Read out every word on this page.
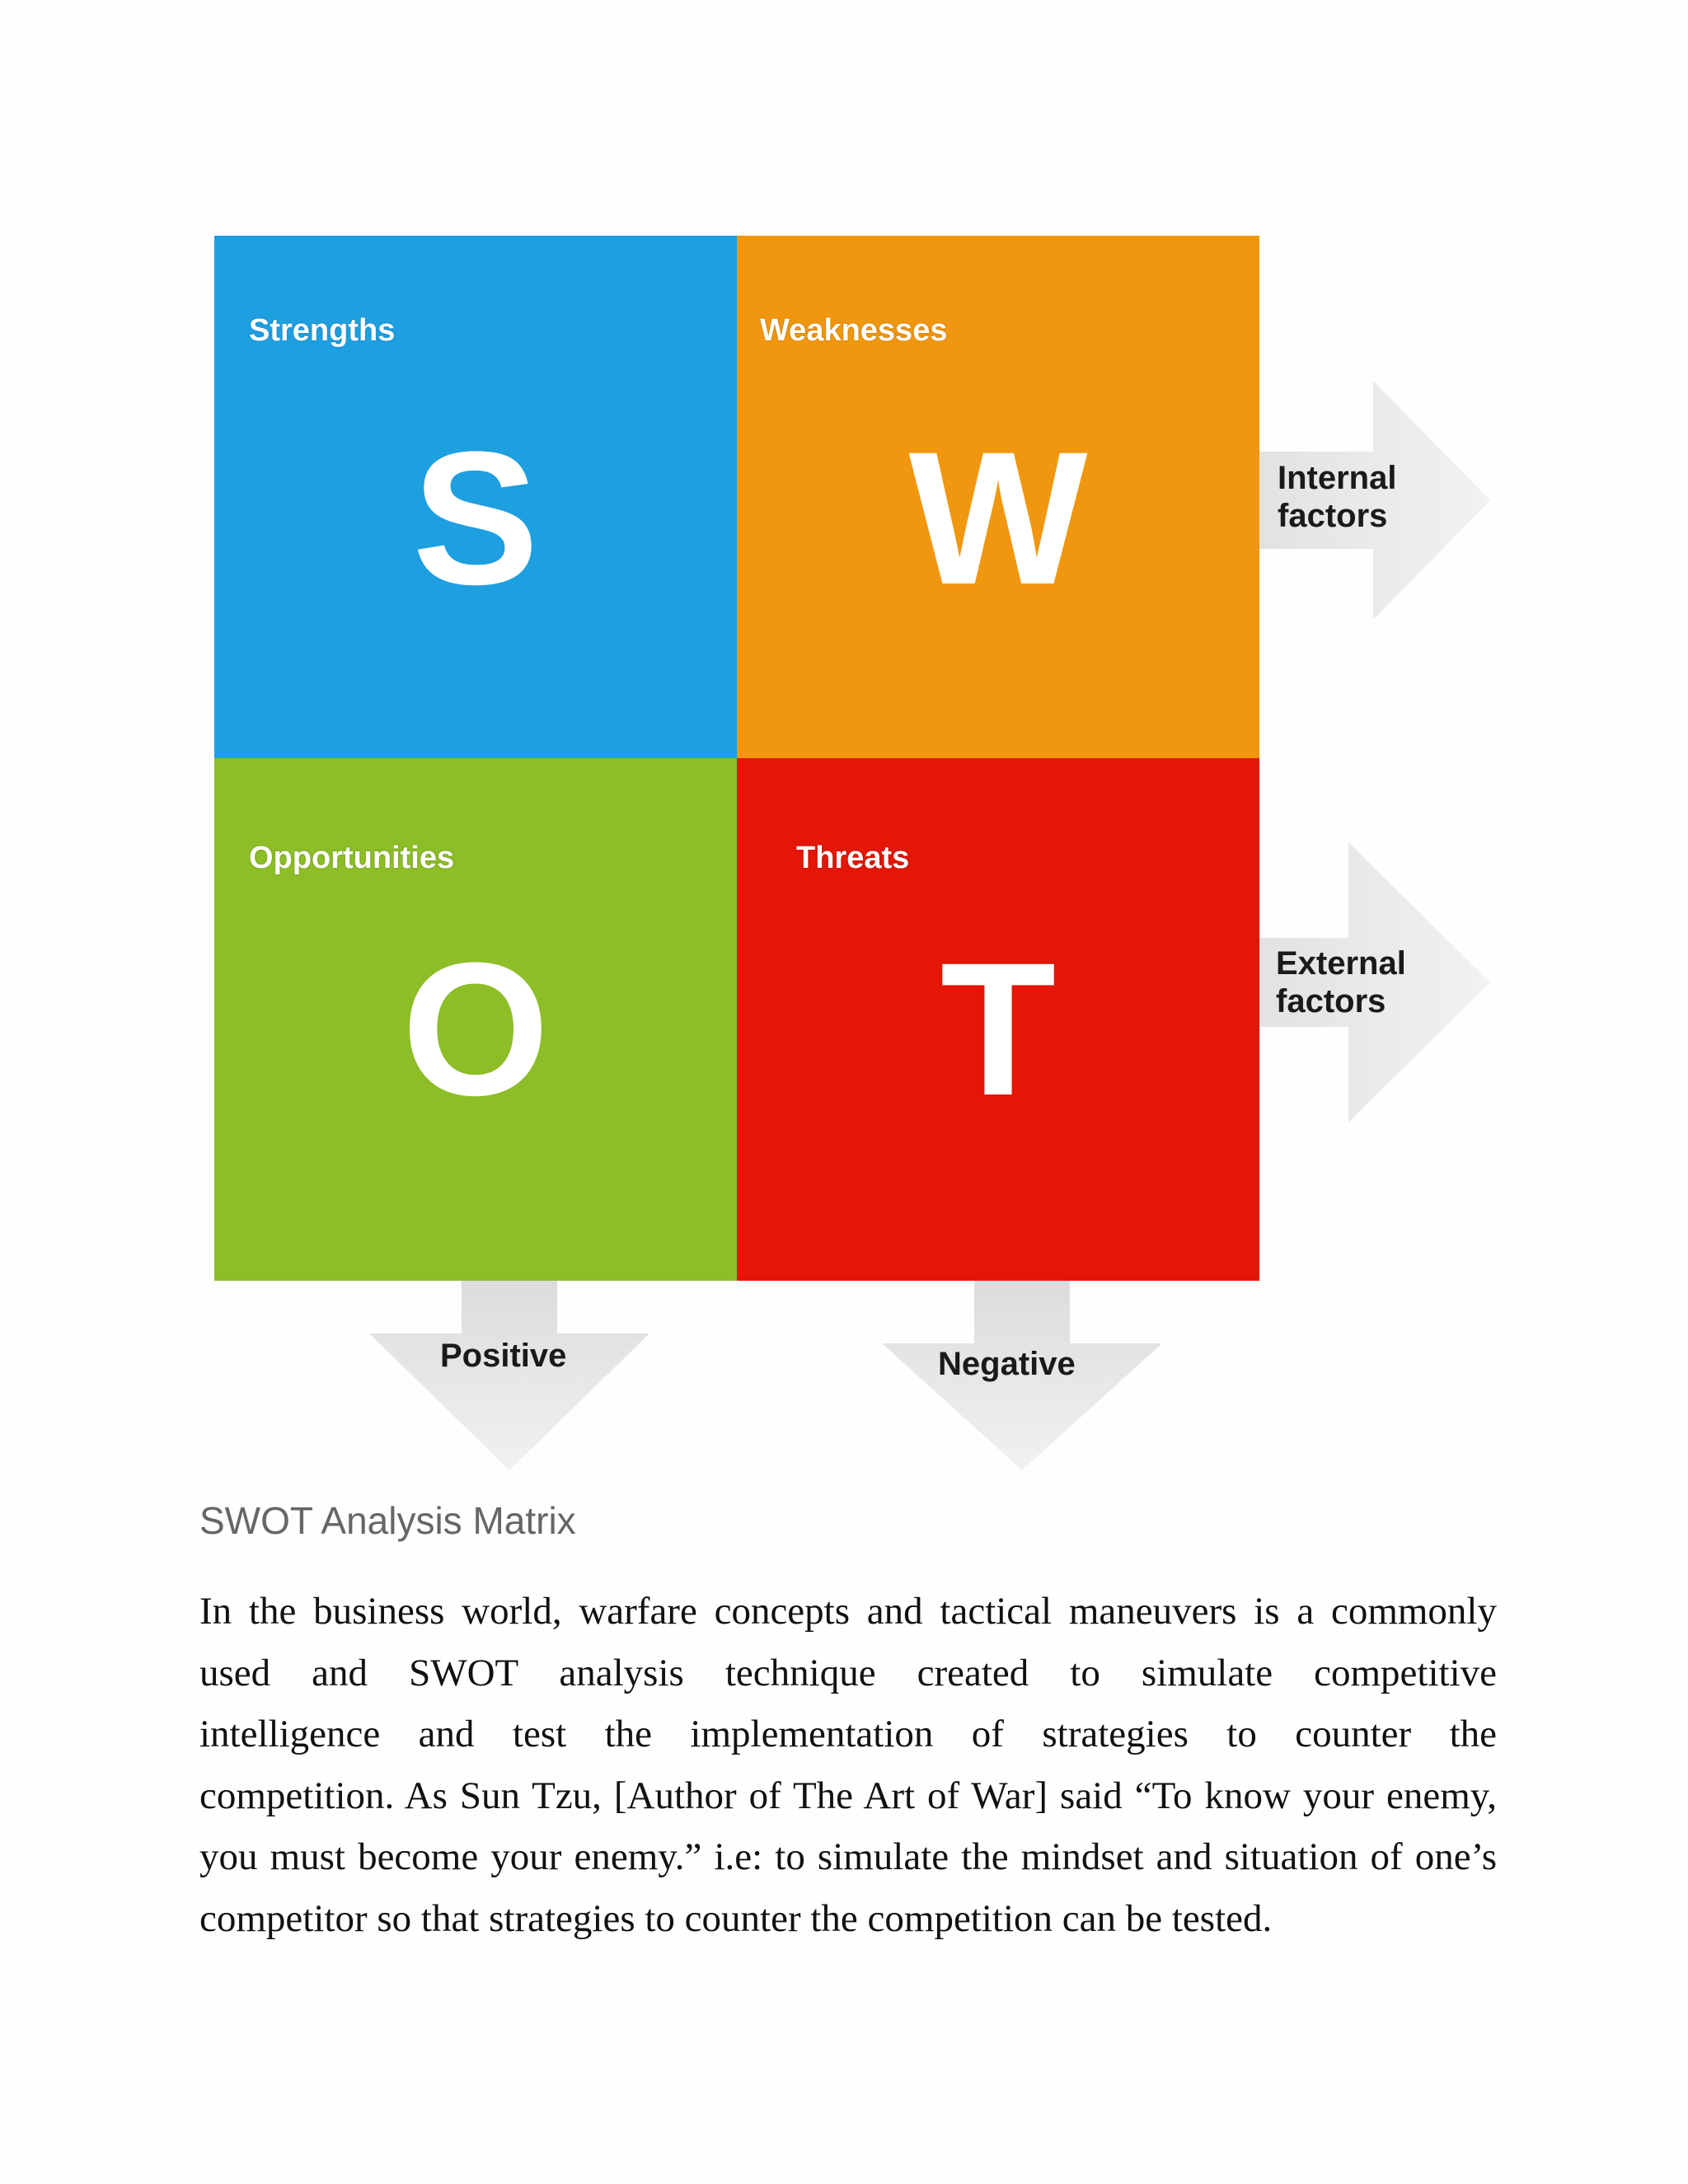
Strengths
S
Weaknesses
W
Opportunities
O
Threats
T
Internal
factors
External
factors
Positive	Negative
SWOT Analysis Matrix
In the business world, warfare concepts and tactical maneuvers is a commonly
used and SWOT analysis technique created to simulate competitive
intelligence and test the implementation of strategies to counter the
competition. As Sun Tzu, [Author of The Art of War] said “To know your enemy,
you must become your enemy.” i.e: to simulate the mindset and situation of one’s
competitor so that strategies to counter the competition can be tested.
